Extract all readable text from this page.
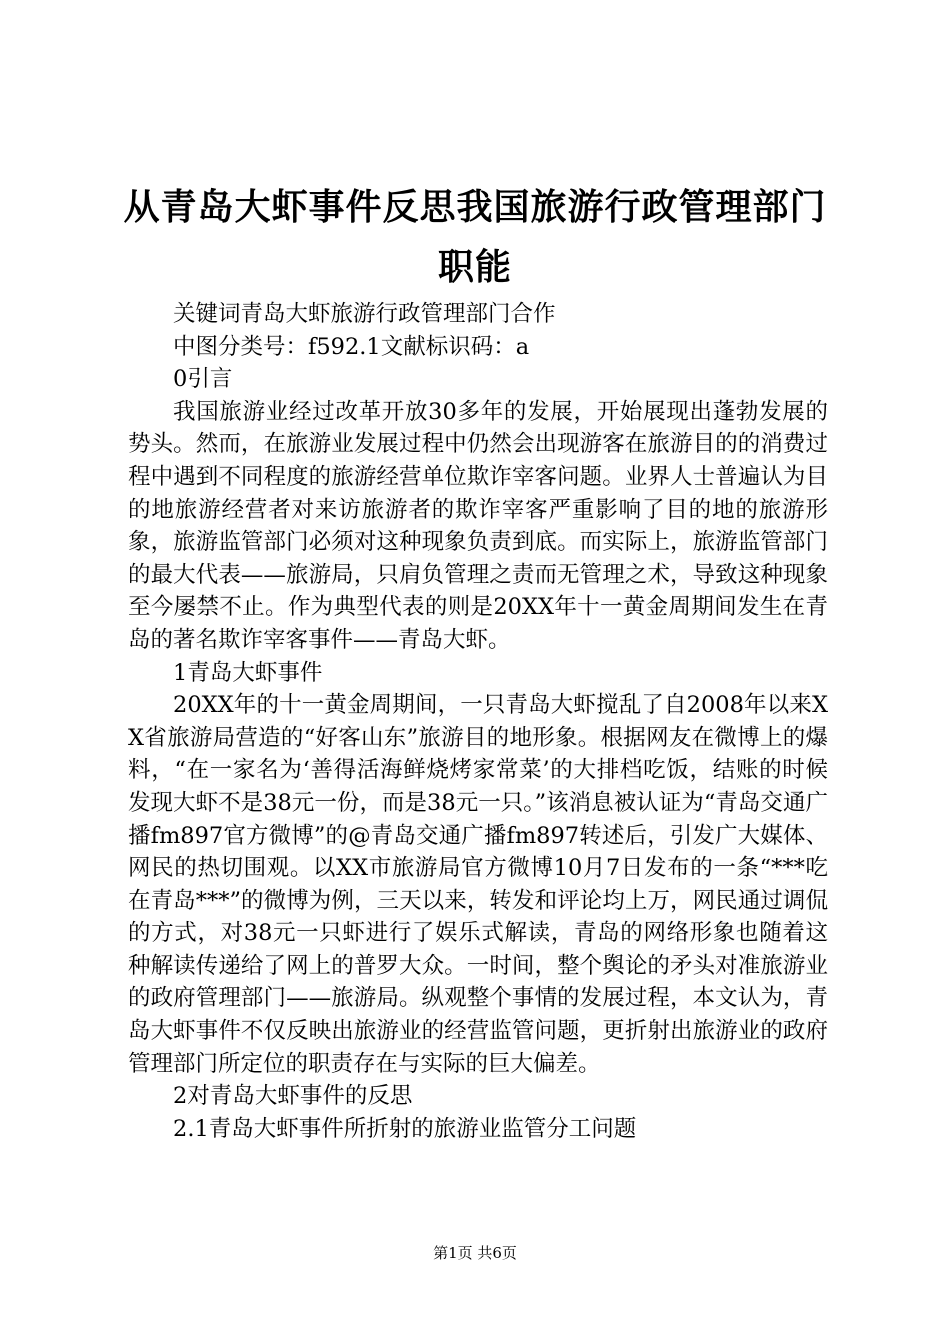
从青岛大虾事件反思我国旅游行政管理部门职能

关键词青岛大虾旅游行政管理部门合作

中图分类号：f592.1文献标识码：a

0引言

我国旅游业经过改革开放30多年的发展，开始展现出蓬勃发展的势头。然而，在旅游业发展过程中仍然会出现游客在旅游目的的消费过程中遇到不同程度的旅游经营单位欺诈宰客问题。业界人士普遍认为目的地旅游经营者对来访旅游者的欺诈宰客严重影响了目的地的旅游形象，旅游监管部门必须对这种现象负责到底。而实际上，旅游监管部门的最大代表——旅游局，只肩负管理之责而无管理之术，导致这种现象至今屡禁不止。作为典型代表的则是20XX年十一黄金周期间发生在青岛的著名欺诈宰客事件——青岛大虾。

1青岛大虾事件

20XX年的十一黄金周期间，一只青岛大虾搅乱了自2008年以来XX省旅游局营造的“好客山东”旅游目的地形象。根据网友在微博上的爆料，“在一家名为‘善得活海鲜烧烤家常菜’的大排档吃饭，结账的时候发现大虾不是38元一份，而是38元一只。”该消息被认证为“青岛交通广播fm897官方微博”的@青岛交通广播fm897转述后，引发广大媒体、网民的热切围观。以XX市旅游局官方微博10月7日发布的一条“***吃在青岛***”的微博为例，三天以来，转发和评论均上万，网民通过调侃的方式，对38元一只虾进行了娱乐式解读，青岛的网络形象也随着这种解读传递给了网上的普罗大众。一时间，整个舆论的矛头对准旅游业的政府管理部门——旅游局。纵观整个事情的发展过程，本文认为，青岛大虾事件不仅反映出旅游业的经营监管问题，更折射出旅游业的政府管理部门所定位的职责存在与实际的巨大偏差。

2对青岛大虾事件的反思

2.1青岛大虾事件所折射的旅游业监管分工问题

第1页 共6页
